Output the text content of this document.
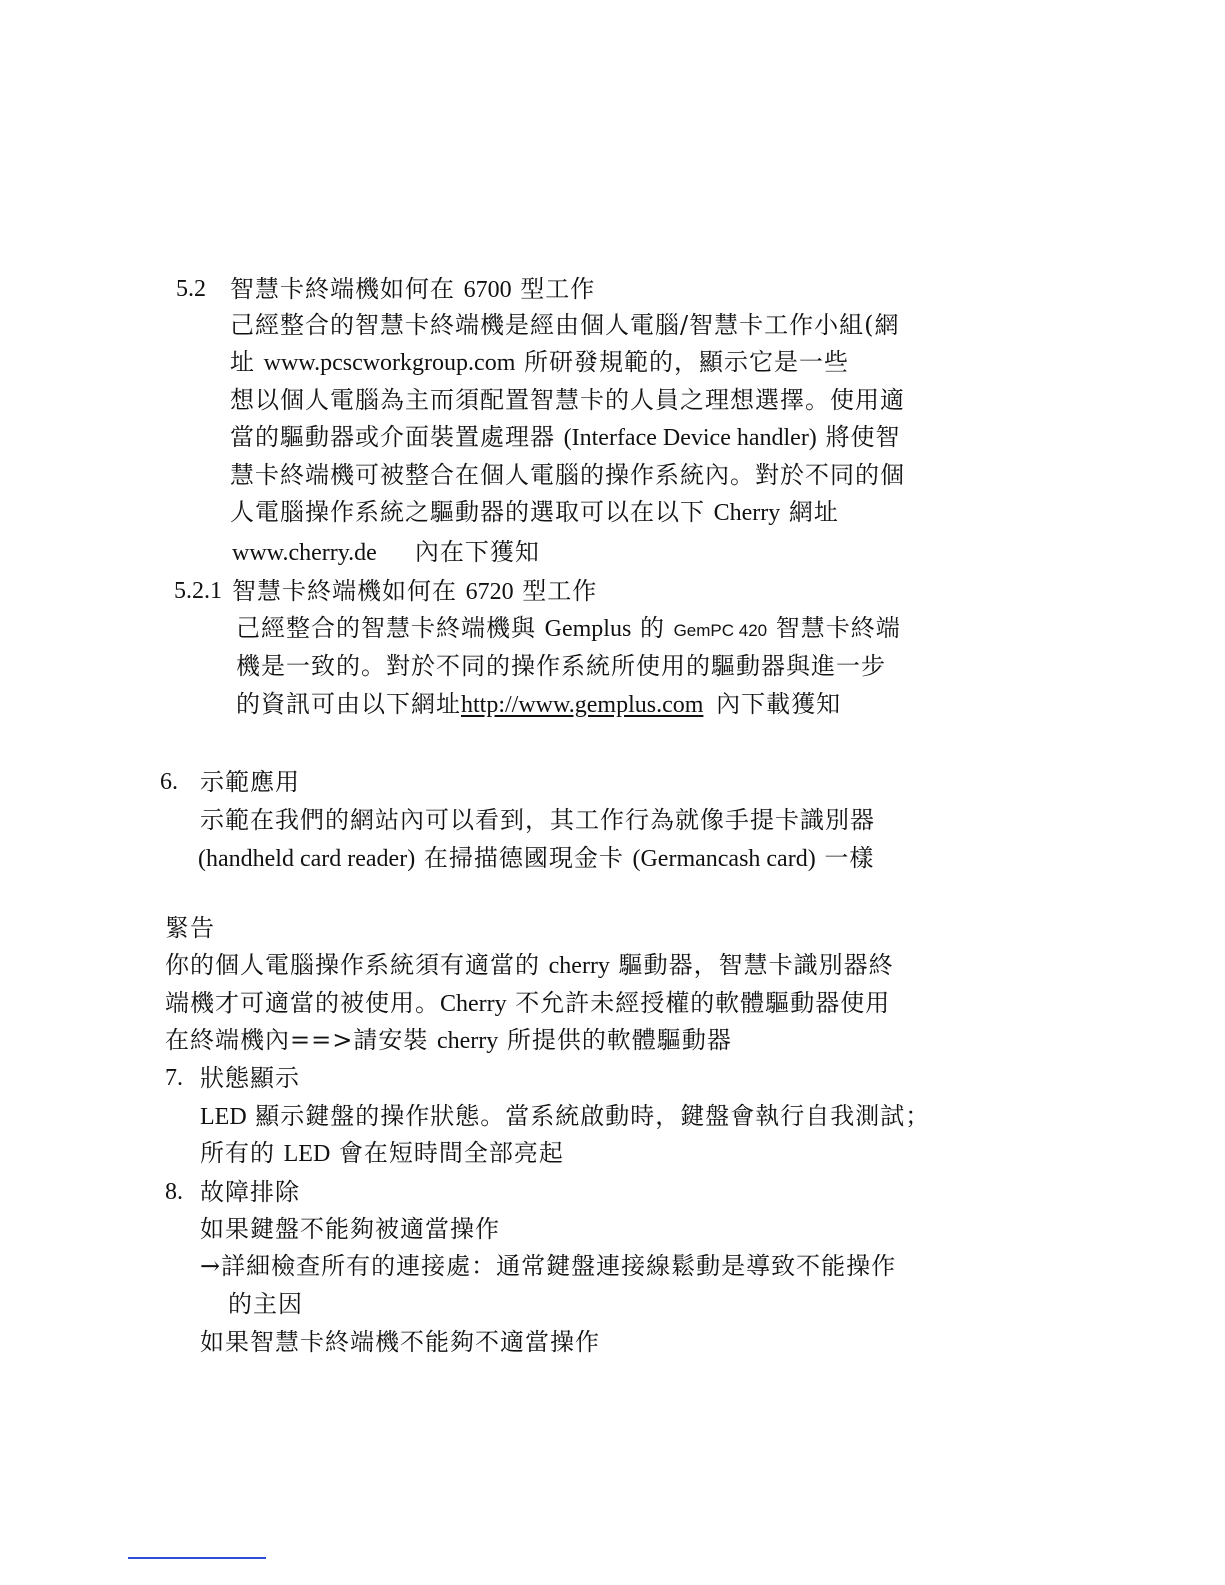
5.2 智慧卡終端機如何在 6700 型工作
己經整合的智慧卡終端機是經由個人電腦/智慧卡工作小組(網
址 www.pcscworkgroup.com 所研發規範的，顯示它是一些
想以個人電腦為主而須配置智慧卡的人員之理想選擇。使用適
當的驅動器或介面裝置處理器 (Interface Device handler) 將使智
慧卡終端機可被整合在個人電腦的操作系統內。對於不同的個
人電腦操作系統之驅動器的選取可以在以下 Cherry 網址
www.cherry.de 內在下獲知
5.2.1 智慧卡終端機如何在 6720 型工作
己經整合的智慧卡終端機與 Gemplus 的 GemPC 420 智慧卡終端
機是一致的。對於不同的操作系統所使用的驅動器與進一步
的資訊可由以下網址http://www.gemplus.com 內下載獲知
6. 示範應用
示範在我們的網站內可以看到，其工作行為就像手提卡識別器
(handheld card reader) 在掃描德國現金卡 (Germancash card) 一樣
緊告
你的個人電腦操作系統須有適當的 cherry 驅動器，智慧卡識別器終
端機才可適當的被使用。Cherry 不允許未經授權的軟體驅動器使用
在終端機內==>請安裝 cherry 所提供的軟體驅動器
7. 狀態顯示
LED 顯示鍵盤的操作狀態。當系統啟動時，鍵盤會執行自我測試；
所有的 LED 會在短時間全部亮起
8. 故障排除
如果鍵盤不能夠被適當操作
→詳細檢查所有的連接處：通常鍵盤連接線鬆動是導致不能操作
的主因
如果智慧卡終端機不能夠不適當操作
